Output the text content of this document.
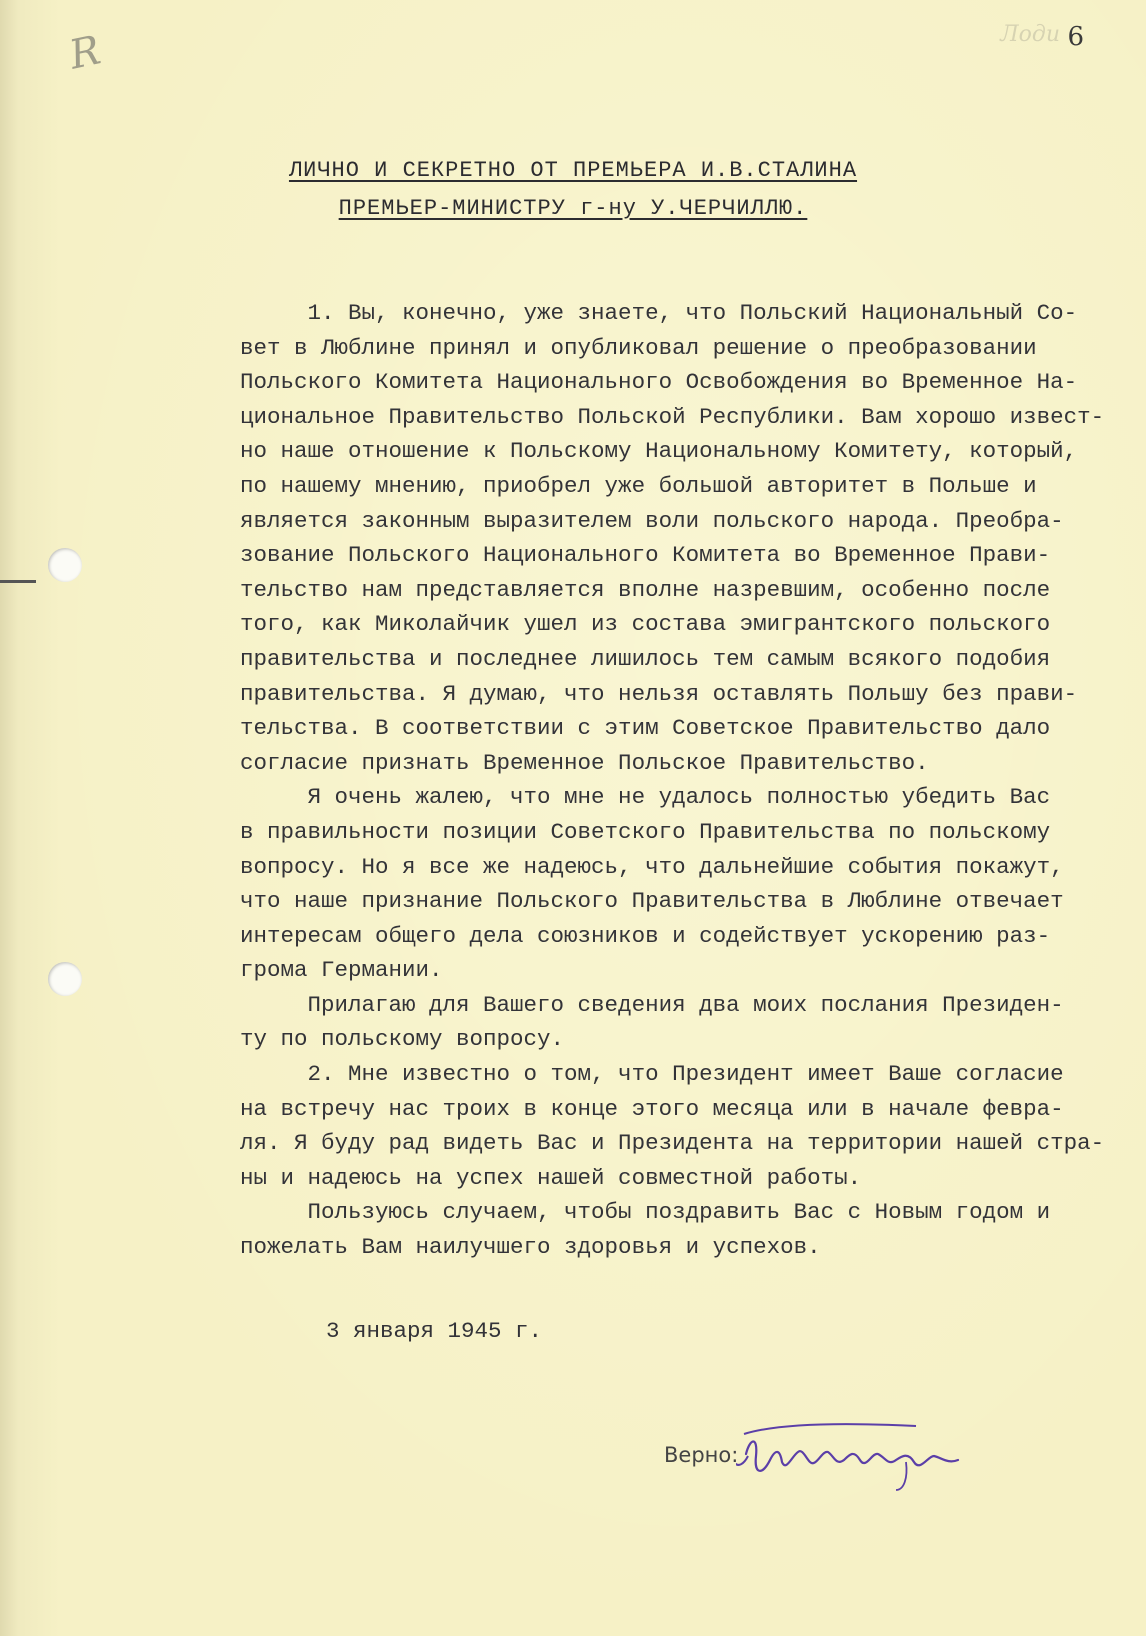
R	Лоди 6
ЛИЧНО И СЕКРЕТНО ОТ ПРЕМЬЕРА И.В.СТАЛИНА
ПРЕМЬЕР-МИНИСТРУ г-ну У.ЧЕРЧИЛЛЮ.
1. Вы, конечно, уже знаете, что Польский Национальный Со-
вет в Люблине принял и опубликовал решение о преобразовании
Польского Комитета Национального Освобождения во Временное На-
циональное Правительство Польской Республики. Вам хорошо извест-
но наше отношение к Польскому Национальному Комитету, который,
по нашему мнению, приобрел уже большой авторитет в Польше и
является законным выразителем воли польского народа. Преобра-
зование Польского Национального Комитета во Временное Прави-
тельство нам представляется вполне назревшим, особенно после
того, как Миколайчик ушел из состава эмигрантского польского
правительства и последнее лишилось тем самым всякого подобия
правительства. Я думаю, что нельзя оставлять Польшу без прави-
тельства. В соответствии с этим Советское Правительство дало
согласие признать Временное Польское Правительство.
Я очень жалею, что мне не удалось полностью убедить Вас
в правильности позиции Советского Правительства по польскому
вопросу. Но я все же надеюсь, что дальнейшие события покажут,
что наше признание Польского Правительства в Люблине отвечает
интересам общего дела союзников и содействует ускорению раз-
грома Германии.
Прилагаю для Вашего сведения два моих послания Президен-
ту по польскому вопросу.
2. Мне известно о том, что Президент имеет Ваше согласие
на встречу нас троих в конце этого месяца или в начале февра-
ля. Я буду рад видеть Вас и Президента на территории нашей стра-
ны и надеюсь на успех нашей совместной работы.
Пользуюсь случаем, чтобы поздравить Вас с Новым годом и
пожелать Вам наилучшего здоровья и успехов.
3 января 1945 г.
Верно:
